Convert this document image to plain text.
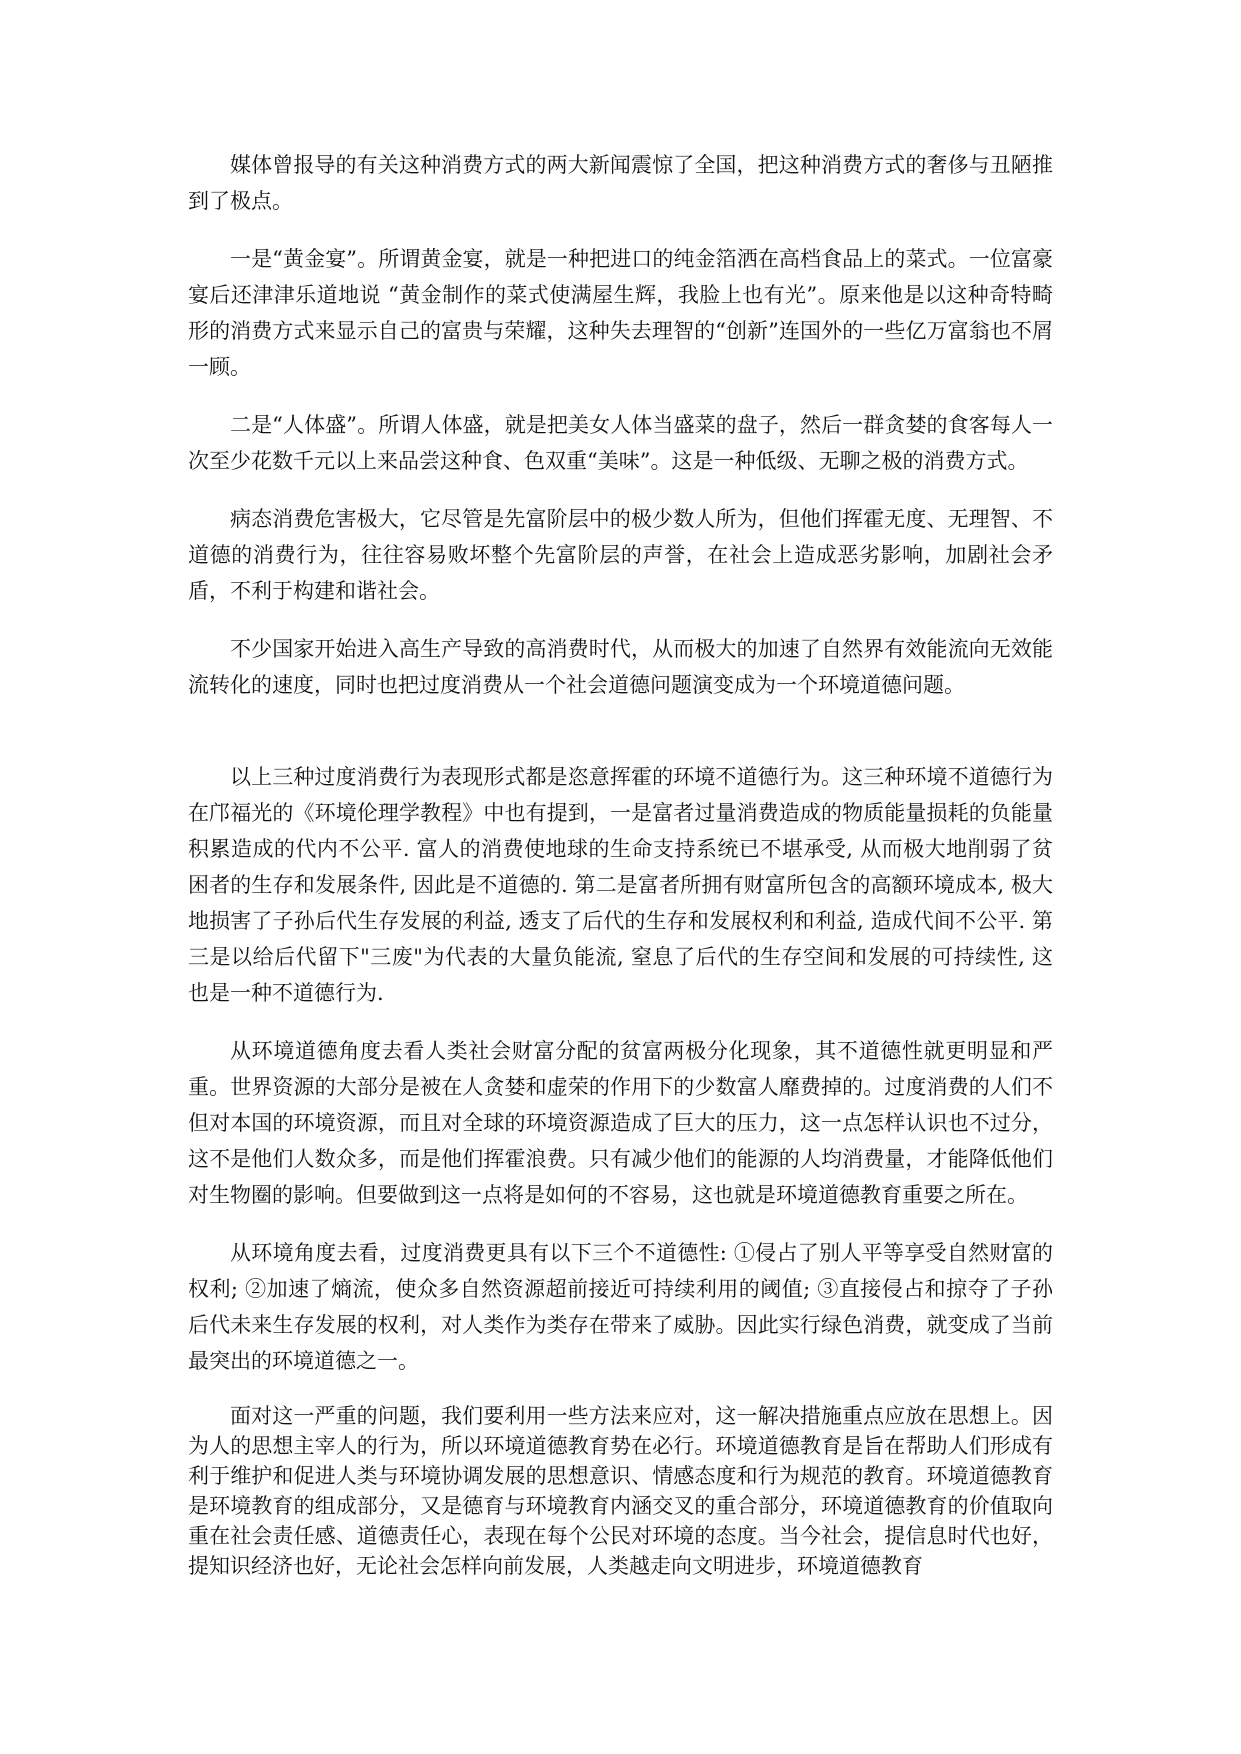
媒体曾报导的有关这种消费方式的两大新闻震惊了全国，把这种消费方式的奢侈与丑陋推到了极点。

一是“黄金宴”。所谓黄金宴，就是一种把进口的纯金箔洒在高档食品上的菜式。一位富豪宴后还津津乐道地说 “黄金制作的菜式使满屋生辉，我脸上也有光”。原来他是以这种奇特畸形的消费方式来显示自己的富贵与荣耀，这种失去理智的“创新”连国外的一些亿万富翁也不屑一顾。

二是“人体盛”。所谓人体盛，就是把美女人体当盛菜的盘子，然后一群贪婪的食客每人一次至少花数千元以上来品尝这种食、色双重“美味”。这是一种低级、无聊之极的消费方式。

病态消费危害极大，它尽管是先富阶层中的极少数人所为，但他们挥霍无度、无理智、不道德的消费行为，往往容易败坏整个先富阶层的声誉，在社会上造成恶劣影响，加剧社会矛盾，不利于构建和谐社会。

不少国家开始进入高生产导致的高消费时代，从而极大的加速了自然界有效能流向无效能流转化的速度，同时也把过度消费从一个社会道德问题演变成为一个环境道德问题。

以上三种过度消费行为表现形式都是恣意挥霍的环境不道德行为。这三种环境不道德行为在邝福光的《环境伦理学教程》中也有提到，一是富者过量消费造成的物质能量损耗的负能量积累造成的代内不公平. 富人的消费使地球的生命支持系统已不堪承受, 从而极大地削弱了贫困者的生存和发展条件, 因此是不道德的. 第二是富者所拥有财富所包含的高额环境成本, 极大地损害了子孙后代生存发展的利益, 透支了后代的生存和发展权利和利益, 造成代间不公平. 第三是以给后代留下"三废"为代表的大量负能流, 窒息了后代的生存空间和发展的可持续性, 这也是一种不道德行为.

从环境道德角度去看人类社会财富分配的贫富两极分化现象，其不道德性就更明显和严重。世界资源的大部分是被在人贪婪和虚荣的作用下的少数富人靡费掉的。过度消费的人们不但对本国的环境资源，而且对全球的环境资源造成了巨大的压力，这一点怎样认识也不过分，这不是他们人数众多，而是他们挥霍浪费。只有减少他们的能源的人均消费量，才能降低他们对生物圈的影响。但要做到这一点将是如何的不容易，这也就是环境道德教育重要之所在。

从环境角度去看，过度消费更具有以下三个不道德性: ①侵占了别人平等享受自然财富的权利; ②加速了熵流，使众多自然资源超前接近可持续利用的阈值; ③直接侵占和掠夺了子孙后代未来生存发展的权利，对人类作为类存在带来了威胁。因此实行绿色消费，就变成了当前最突出的环境道德之一。

面对这一严重的问题，我们要利用一些方法来应对，这一解决措施重点应放在思想上。因为人的思想主宰人的行为，所以环境道德教育势在必行。环境道德教育是旨在帮助人们形成有利于维护和促进人类与环境协调发展的思想意识、情感态度和行为规范的教育。环境道德教育是环境教育的组成部分，又是德育与环境教育内涵交叉的重合部分，环境道德教育的价值取向重在社会责任感、道德责任心，表现在每个公民对环境的态度。当今社会，提信息时代也好，提知识经济也好，无论社会怎样向前发展，人类越走向文明进步，环境道德教育
